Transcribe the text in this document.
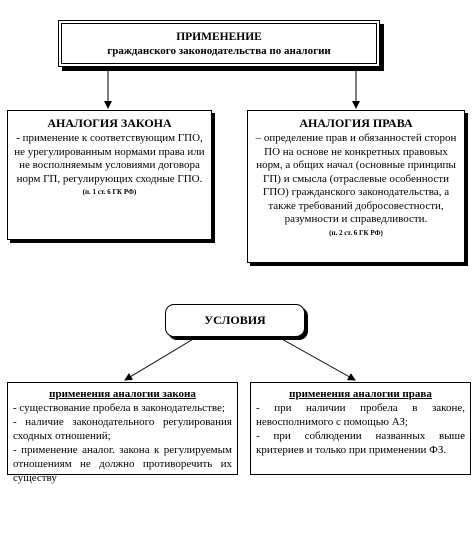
ПРИМЕНЕНИЕ
гражданского законодательства по аналогии
АНАЛОГИЯ ЗАКОНА
- применение к соответствующим ГПО, не урегулированным нормами права или не восполняемым условиями договора норм ГП, регулирующих сходные ГПО.
(п. 1 ст. 6 ГК РФ)
АНАЛОГИЯ ПРАВА
– определение прав и обязанностей сторон ПО на основе не конкретных правовых норм, а общих начал (основные принципы ГП) и смысла (отраслевые особенности ГПО) гражданского законодательства, а также требований добросовестности, разумности и справедливости.
(п. 2 ст. 6 ГК РФ)
УСЛОВИЯ
применения аналогии закона
- существование пробела в законодательстве;
- наличие законодательного регулирования сходных отношений;
- применение аналог. закона к регулируемым отношениям не должно противоречить их существу
применения аналогии права
- при наличии пробела в законе, невосполнимого с помощью АЗ;
- при соблюдении названных выше критериев и только при применении ФЗ.
